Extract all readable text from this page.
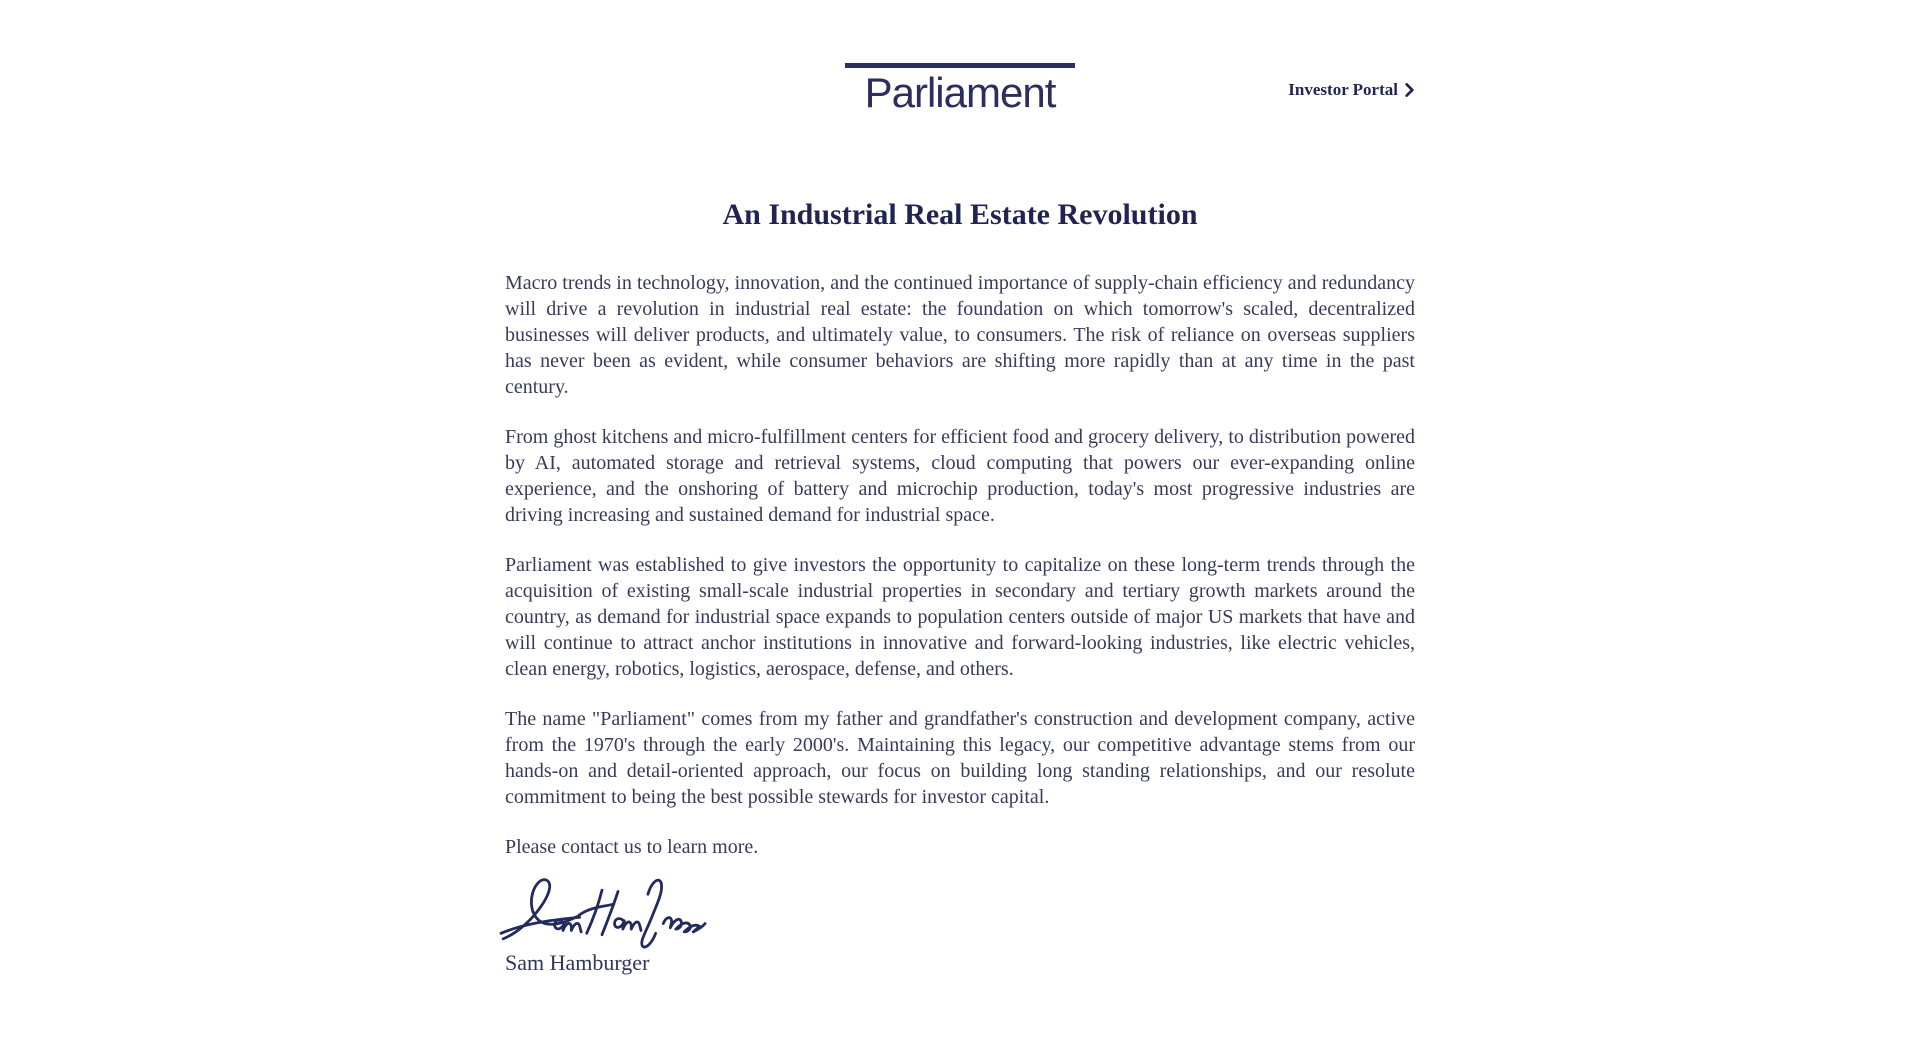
Parliament	Investor Portal
An Industrial Real Estate Revolution

Macro trends in technology, innovation, and the continued importance of supply-chain efficiency and redundancy will drive a revolution in industrial real estate: the foundation on which tomorrow's scaled, decentralized businesses will deliver products, and ultimately value, to consumers. The risk of reliance on overseas suppliers has never been as evident, while consumer behaviors are shifting more rapidly than at any time in the past century.

From ghost kitchens and micro-fulfillment centers for efficient food and grocery delivery, to distribution powered by AI, automated storage and retrieval systems, cloud computing that powers our ever-expanding online experience, and the onshoring of battery and microchip production, today's most progressive industries are driving increasing and sustained demand for industrial space.

Parliament was established to give investors the opportunity to capitalize on these long-term trends through the acquisition of existing small-scale industrial properties in secondary and tertiary growth markets around the country, as demand for industrial space expands to population centers outside of major US markets that have and will continue to attract anchor institutions in innovative and forward-looking industries, like electric vehicles, clean energy, robotics, logistics, aerospace, defense, and others.

The name "Parliament" comes from my father and grandfather's construction and development company, active from the 1970's through the early 2000's. Maintaining this legacy, our competitive advantage stems from our hands-on and detail-oriented approach, our focus on building long standing relationships, and our resolute commitment to being the best possible stewards for investor capital.

Please contact us to learn more.

Sam Hamburger
